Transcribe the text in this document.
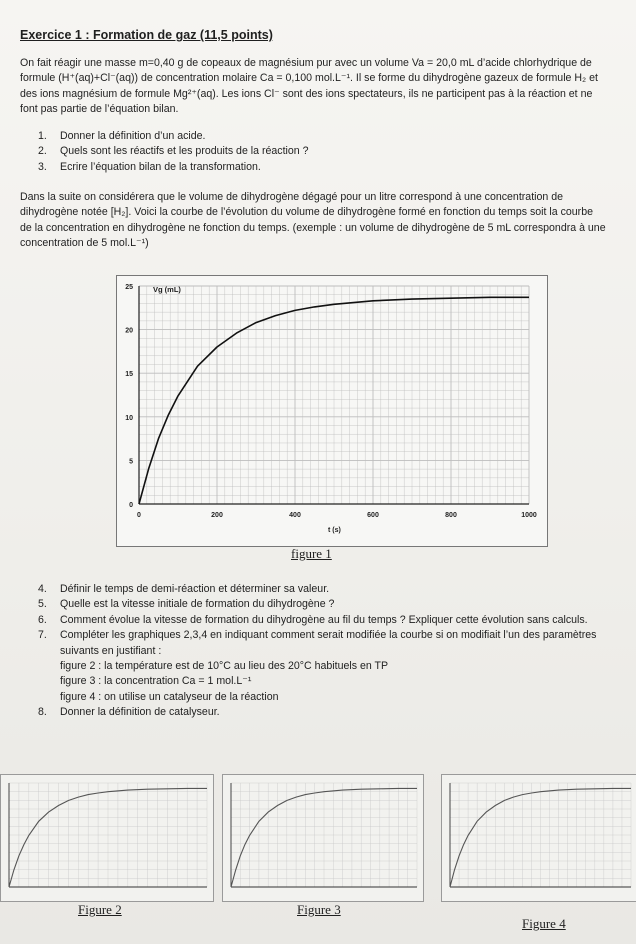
Exercice 1 : Formation de gaz (11,5 points)
On fait réagir une masse m=0,40 g de copeaux de magnésium pur avec un volume Va = 20,0 mL d’acide chlorhydrique de formule (H⁺(aq)+Cl⁻(aq)) de concentration molaire Ca = 0,100 mol.L⁻¹. Il se forme du dihydrogène gazeux de formule H₂ et des ions magnésium de formule Mg²⁺(aq). Les ions Cl⁻ sont des ions spectateurs, ils ne participent pas à la réaction et ne font pas partie de l’équation bilan.
1. Donner la définition d’un acide.
2. Quels sont les réactifs et les produits de la réaction ?
3. Ecrire l’équation bilan de la transformation.
Dans la suite on considérera que le volume de dihydrogène dégagé pour un litre correspond à une concentration de dihydrogène notée [H₂]. Voici la courbe de l’évolution du volume de dihydrogène formé en fonction du temps soit la courbe de la concentration en dihydrogène ne fonction du temps. (exemple : un volume de dihydrogène de 5 mL correspondra à une concentration de 5 mol.L⁻¹)
0	200	400	600	800	1000
0
5
10
15
20
25	Vg (mL)
t (s)
figure 1
4. Définir le temps de demi-réaction et déterminer sa valeur.
5. Quelle est la vitesse initiale de formation du dihydrogène ?
6. Comment évolue la vitesse de formation du dihydrogène au fil du temps ? Expliquer cette évolution sans calculs.
7. Compléter les graphiques 2,3,4 en indiquant comment serait modifiée la courbe si on modifiait l’un des paramètres suivants en justifiant :
figure 2 : la température est de 10°C au lieu des 20°C habituels en TP
figure 3 : la concentration Ca = 1 mol.L⁻¹
figure 4 : on utilise un catalyseur de la réaction
8. Donner la définition de catalyseur.
Figure 2	Figure 3
Figure 4
